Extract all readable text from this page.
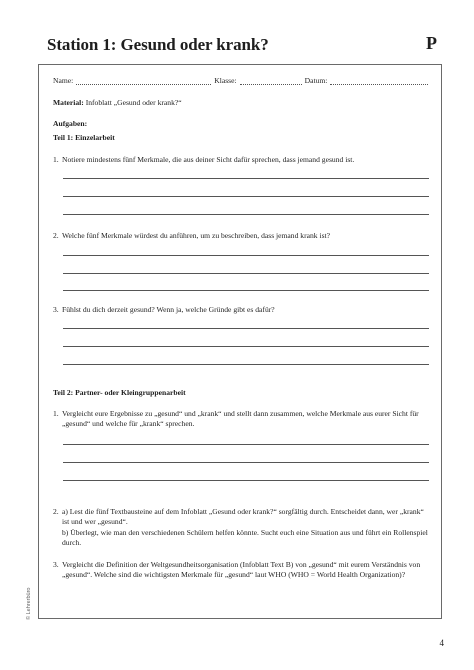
Station 1: Gesund oder krank?	P
Name:	Klasse:	Datum:
Material: Infoblatt „Gesund oder krank?“
Aufgaben:
Teil 1: Einzelarbeit
1. Notiere mindestens fünf Merkmale, die aus deiner Sicht dafür sprechen, dass jemand gesund ist.
2. Welche fünf Merkmale würdest du anführen, um zu beschreiben, dass jemand krank ist?
3. Fühlst du dich derzeit gesund? Wenn ja, welche Gründe gibt es dafür?
Teil 2: Partner- oder Kleingruppenarbeit
1. Vergleicht eure Ergebnisse zu „gesund“ und „krank“ und stellt dann zusammen, welche Merkmale aus eurer Sicht für „gesund“ und welche für „krank“ sprechen.
2. a) Lest die fünf Textbausteine auf dem Infoblatt „Gesund oder krank?“ sorgfältig durch. Entscheidet dann, wer „krank“ ist und wer „gesund“.
b) Überlegt, wie man den verschiedenen Schülern helfen könnte. Sucht euch eine Situation aus und führt ein Rollenspiel durch.
3. Vergleicht die Definition der Weltgesundheitsorganisation (Infoblatt Text B) von „gesund“ mit eurem Verständnis von „gesund“. Welche sind die wichtigsten Merkmale für „gesund“ laut WHO (WHO = World Health Organization)?
© Lehrerbüro
4
